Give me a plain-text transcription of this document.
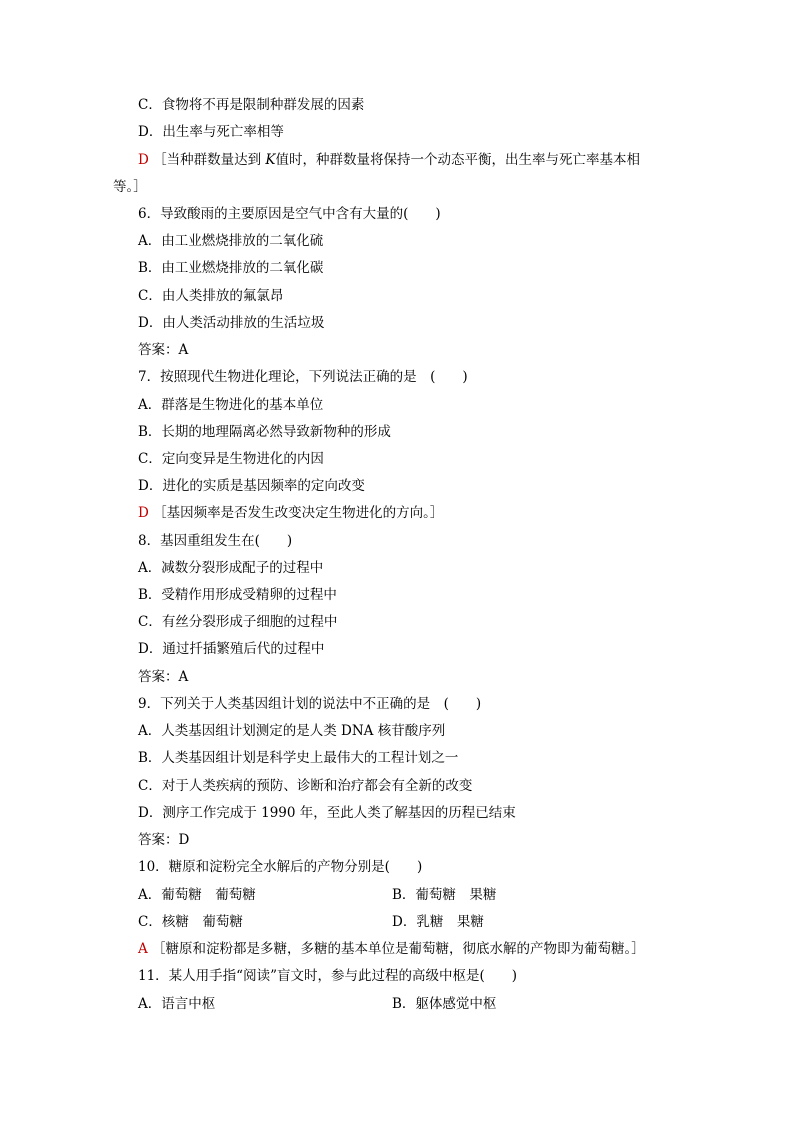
C．食物将不再是限制种群发展的因素
D．出生率与死亡率相等
D ［当种群数量达到 K值时，种群数量将保持一个动态平衡，出生率与死亡率基本相
等。］
6．导致酸雨的主要原因是空气中含有大量的(　　)
A．由工业燃烧排放的二氧化硫
B．由工业燃烧排放的二氧化碳
C．由人类排放的氟氯昂
D．由人类活动排放的生活垃圾
答案：A
7．按照现代生物进化理论，下列说法正确的是　(　　)
A．群落是生物进化的基本单位
B．长期的地理隔离必然导致新物种的形成
C．定向变异是生物进化的内因
D．进化的实质是基因频率的定向改变
D ［基因频率是否发生改变决定生物进化的方向。］
8．基因重组发生在(　　)
A．减数分裂形成配子的过程中
B．受精作用形成受精卵的过程中
C．有丝分裂形成子细胞的过程中
D．通过扦插繁殖后代的过程中
答案：A
9．下列关于人类基因组计划的说法中不正确的是　(　　)
A．人类基因组计划测定的是人类 DNA 核苷酸序列
B．人类基因组计划是科学史上最伟大的工程计划之一
C．对于人类疾病的预防、诊断和治疗都会有全新的改变
D．测序工作完成于 1990 年，至此人类了解基因的历程已结束
答案：D
10．糖原和淀粉完全水解后的产物分别是(　　)
A．葡萄糖　葡萄糖	B．葡萄糖　果糖
C．核糖　葡萄糖	D．乳糖　果糖
A ［糖原和淀粉都是多糖，多糖的基本单位是葡萄糖，彻底水解的产物即为葡萄糖。］
11．某人用手指“阅读”盲文时，参与此过程的高级中枢是(　　)
A．语言中枢	B．躯体感觉中枢
